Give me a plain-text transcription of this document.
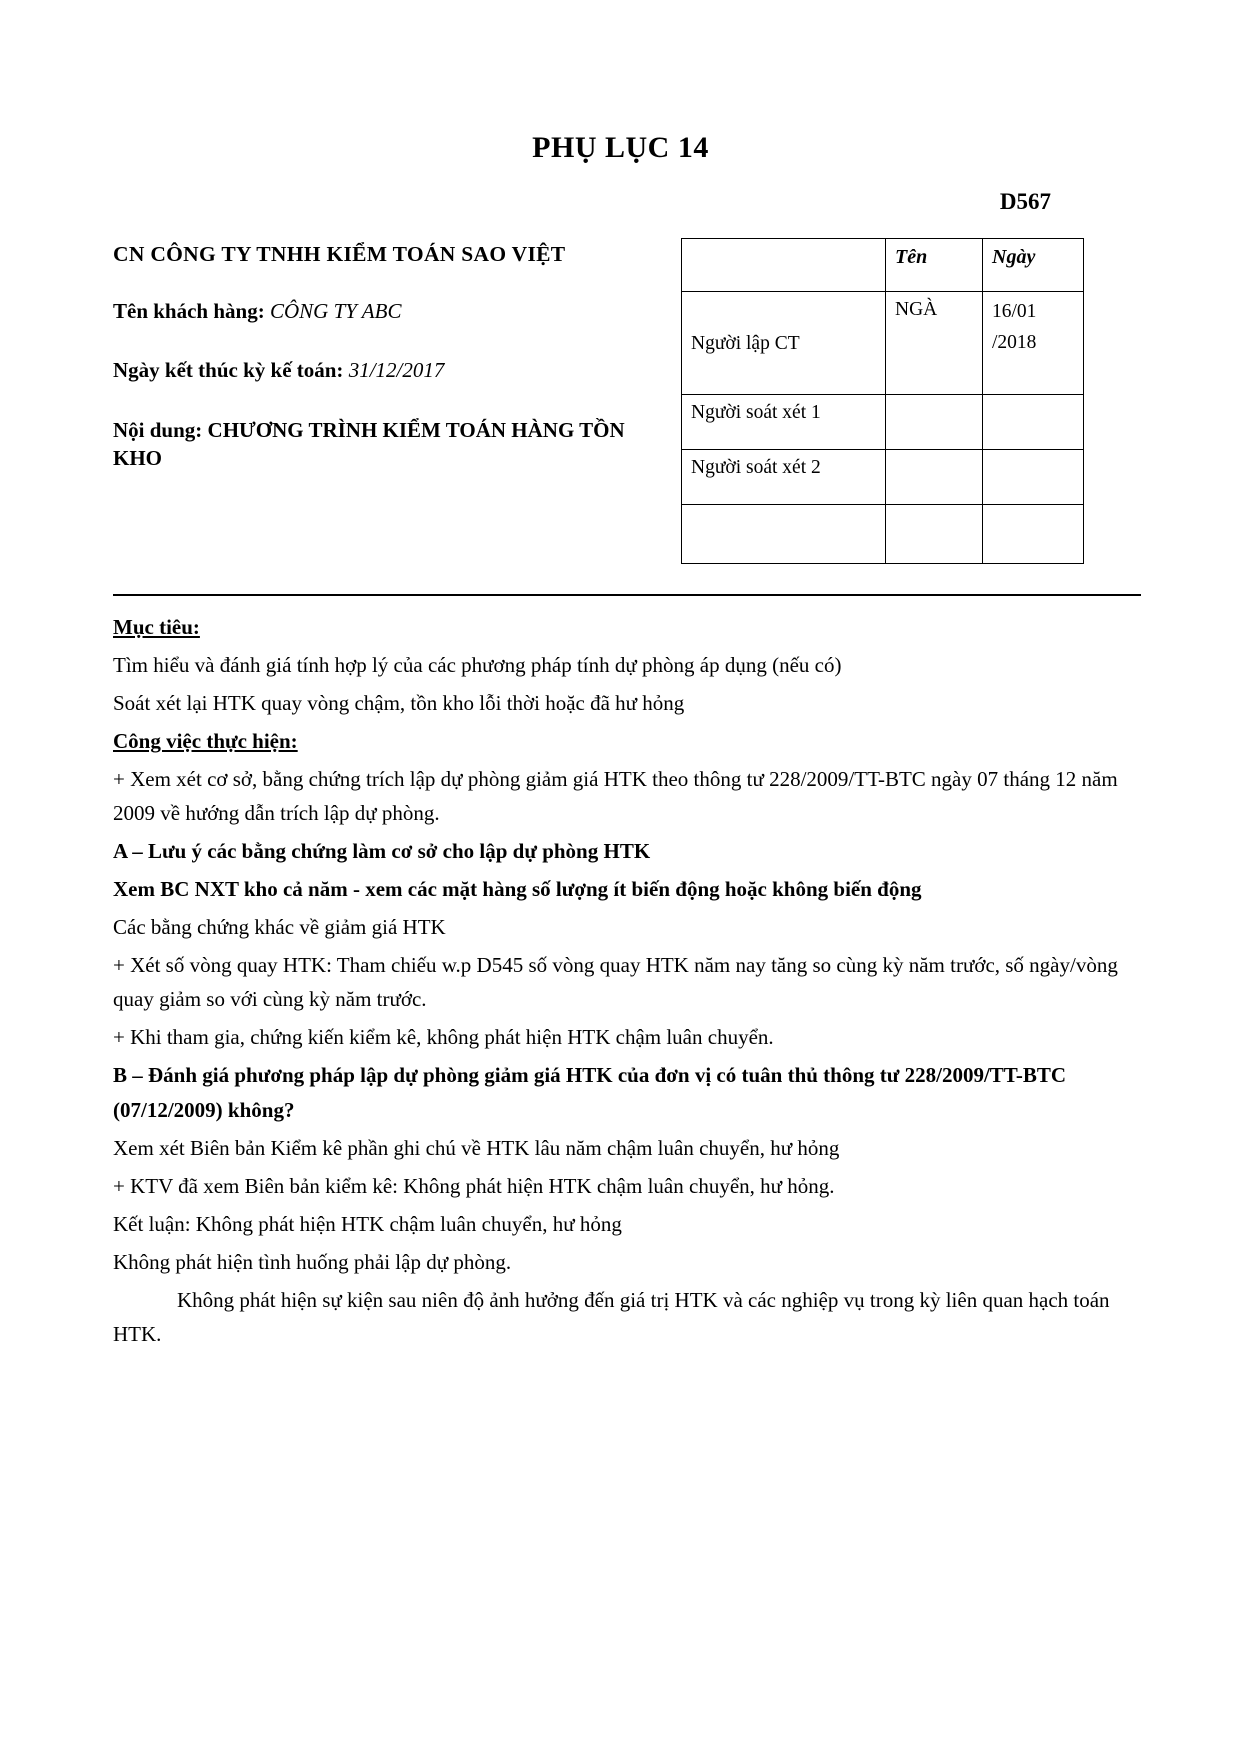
PHỤ LỤC 14
D567
CN CÔNG TY TNHH KIỂM TOÁN SAO VIỆT
Tên khách hàng: CÔNG TY ABC
Ngày kết thúc kỳ kế toán: 31/12/2017
Nội dung: CHƯƠNG TRÌNH KIỂM TOÁN HÀNG TỒN KHO
	Tên	Ngày
Người lập CT	NGÀ	16/01
/2018

Người soát xét 1		
Người soát xét 2		

Mục tiêu:

Tìm hiểu và đánh giá tính hợp lý của các phương pháp tính dự phòng áp dụng (nếu có)

Soát xét lại HTK quay vòng chậm, tồn kho lỗi thời hoặc đã hư hỏng

Công việc thực hiện:

+ Xem xét cơ sở, bằng chứng trích lập dự phòng giảm giá HTK theo thông tư 228/2009/TT-BTC ngày 07 tháng 12 năm 2009 về hướng dẫn trích lập dự phòng.

A – Lưu ý các bằng chứng làm cơ sở cho lập dự phòng HTK

Xem BC NXT kho cả năm - xem các mặt hàng số lượng ít biến động hoặc không biến động

Các bằng chứng khác về giảm giá HTK

+ Xét số vòng quay HTK: Tham chiếu w.p D545 số vòng quay HTK năm nay tăng so cùng kỳ năm trước, số ngày/vòng quay giảm so với cùng kỳ năm trước.

+ Khi tham gia, chứng kiến kiểm kê, không phát hiện HTK chậm luân chuyển.

B – Đánh giá phương pháp lập dự phòng giảm giá HTK của đơn vị có tuân thủ thông tư 228/2009/TT-BTC (07/12/2009) không?

Xem xét Biên bản Kiểm kê phần ghi chú về HTK lâu năm chậm luân chuyển, hư hỏng

+ KTV đã xem Biên bản kiểm kê: Không phát hiện HTK chậm luân chuyển, hư hỏng.

Kết luận: Không phát hiện HTK chậm luân chuyển, hư hỏng

Không phát hiện tình huống phải lập dự phòng.

Không phát hiện sự kiện sau niên độ ảnh hưởng đến giá trị HTK và các nghiệp vụ trong kỳ liên quan hạch toán HTK.
